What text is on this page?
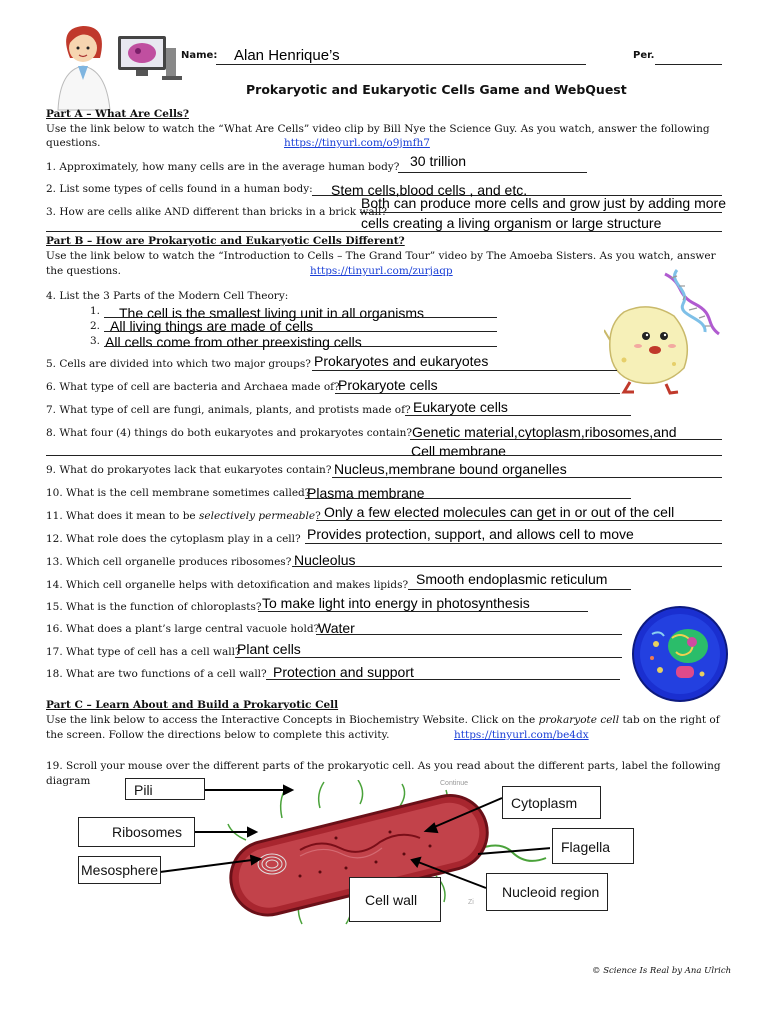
Name: Alan Henrique’s	Per.
Prokaryotic and Eukaryotic Cells Game and WebQuest
Part A – What Are Cells?
Use the link below to watch the “What Are Cells” video clip by Bill Nye the Science Guy. As you watch, answer the following
questions.	https://tinyurl.com/o9jmfh7
1. Approximately, how many cells are in the average human body? 30 trillion
2. List some types of cells found in a human body: Stem cells,blood cells , and etc.
3. How are cells alike AND different than bricks in a brick wall?
Both can produce more cells and grow just by adding more
cells creating a living organism or large structure
Part B – How are Prokaryotic and Eukaryotic Cells Different?
Use the link below to watch the “Introduction to Cells – The Grand Tour” video by The Amoeba Sisters. As you watch, answer
the questions.	https://tinyurl.com/zurjaqp
4. List the 3 Parts of the Modern Cell Theory:
1. The cell is the smallest living unit in all organisms
2. All living things are made of cells
3. All cells come from other preexisting cells
5. Cells are divided into which two major groups? Prokaryotes and eukaryotes
6. What type of cell are bacteria and Archaea made of?
Prokaryote cells
7. What type of cell are fungi, animals, plants, and protists made of? Eukaryote cells
8. What four (4) things do both eukaryotes and prokaryotes contain? Genetic material,cytoplasm,ribosomes,and
Cell membrane
9. What do prokaryotes lack that eukaryotes contain? Nucleus,membrane bound organelles
10. What is the cell membrane sometimes called?
Plasma membrane
11. What does it mean to be selectively permeable? Only a few elected molecules can get in or out of the cell
12. What role does the cytoplasm play in a cell? Provides protection, support, and allows cell to move
13. Which cell organelle produces ribosomes? Nucleolus
14. Which cell organelle helps with detoxification and makes lipids? Smooth endoplasmic reticulum
15. What is the function of chloroplasts? To make light into energy in photosynthesis
16. What does a plant’s large central vacuole hold?
Water
17. What type of cell has a cell wall?
Plant cells
18. What are two functions of a cell wall? Protection and support
Part C – Learn About and Build a Prokaryotic Cell
Use the link below to access the Interactive Concepts in Biochemistry Website. Click on the prokaryote cell tab on the right of
the screen. Follow the directions below to complete this activity.	https://tinyurl.com/be4dx
19. Scroll your mouse over the different parts of the prokaryotic cell. As you read about the different parts, label the following
diagram	Continue
Zi
Pili
Ribosomes
Mesosphere
Cell wall
Cytoplasm
Flagella
Nucleoid region
© Science Is Real by Ana Ulrich
